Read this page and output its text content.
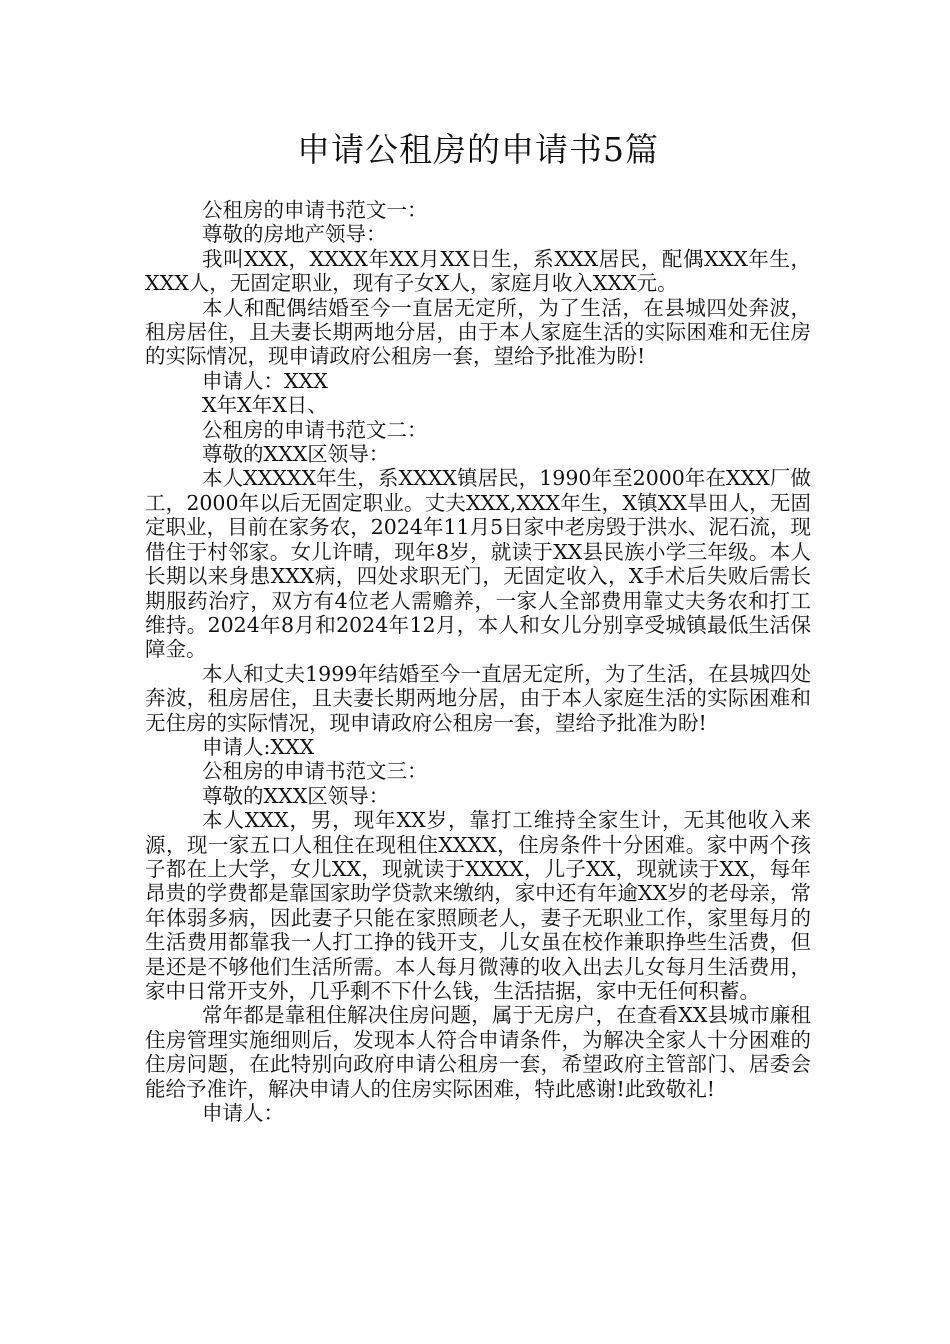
申请公租房的申请书5篇

公租房的申请书范文一：

尊敬的房地产领导：

我叫XXX，XXXX年XX月XX日生，系XXX居民，配偶XXX年生，XXX人，无固定职业，现有子女X人，家庭月收入XXX元。

本人和配偶结婚至今一直居无定所，为了生活，在县城四处奔波，租房居住，且夫妻长期两地分居，由于本人家庭生活的实际困难和无住房的实际情况，现申请政府公租房一套，望给予批准为盼!

申请人：XXX

X年X年X日、

公租房的申请书范文二：

尊敬的XXX区领导：

本人XXXXX年生，系XXXX镇居民，1990年至2000年在XXX厂做工，2000年以后无固定职业。丈夫XXX,XXX年生，X镇XX旱田人，无固定职业，目前在家务农，2024年11月5日家中老房毁于洪水、泥石流，现借住于村邻家。女儿许晴，现年8岁，就读于XX县民族小学三年级。本人长期以来身患XXX病，四处求职无门，无固定收入，X手术后失败后需长期服药治疗，双方有4位老人需赡养，一家人全部费用靠丈夫务农和打工维持。2024年8月和2024年12月，本人和女儿分别享受城镇最低生活保障金。

本人和丈夫1999年结婚至今一直居无定所，为了生活，在县城四处奔波，租房居住，且夫妻长期两地分居，由于本人家庭生活的实际困难和无住房的实际情况，现申请政府公租房一套，望给予批准为盼!

申请人:XXX

公租房的申请书范文三：

尊敬的XXX区领导：

本人XXX，男，现年XX岁，靠打工维持全家生计，无其他收入来源，现一家五口人租住在现租住XXXX，住房条件十分困难。家中两个孩子都在上大学，女儿XX，现就读于XXXX，儿子XX，现就读于XX，每年昂贵的学费都是靠国家助学贷款来缴纳，家中还有年逾XX岁的老母亲，常年体弱多病，因此妻子只能在家照顾老人，妻子无职业工作，家里每月的生活费用都靠我一人打工挣的钱开支，儿女虽在校作兼职挣些生活费，但是还是不够他们生活所需。本人每月微薄的收入出去儿女每月生活费用，家中日常开支外，几乎剩不下什么钱，生活拮据，家中无任何积蓄。

常年都是靠租住解决住房问题，属于无房户，在查看XX县城市廉租住房管理实施细则后，发现本人符合申请条件，为解决全家人十分困难的住房问题，在此特别向政府申请公租房一套，希望政府主管部门、居委会能给予准许，解决申请人的住房实际困难，特此感谢!此致敬礼!

申请人：
